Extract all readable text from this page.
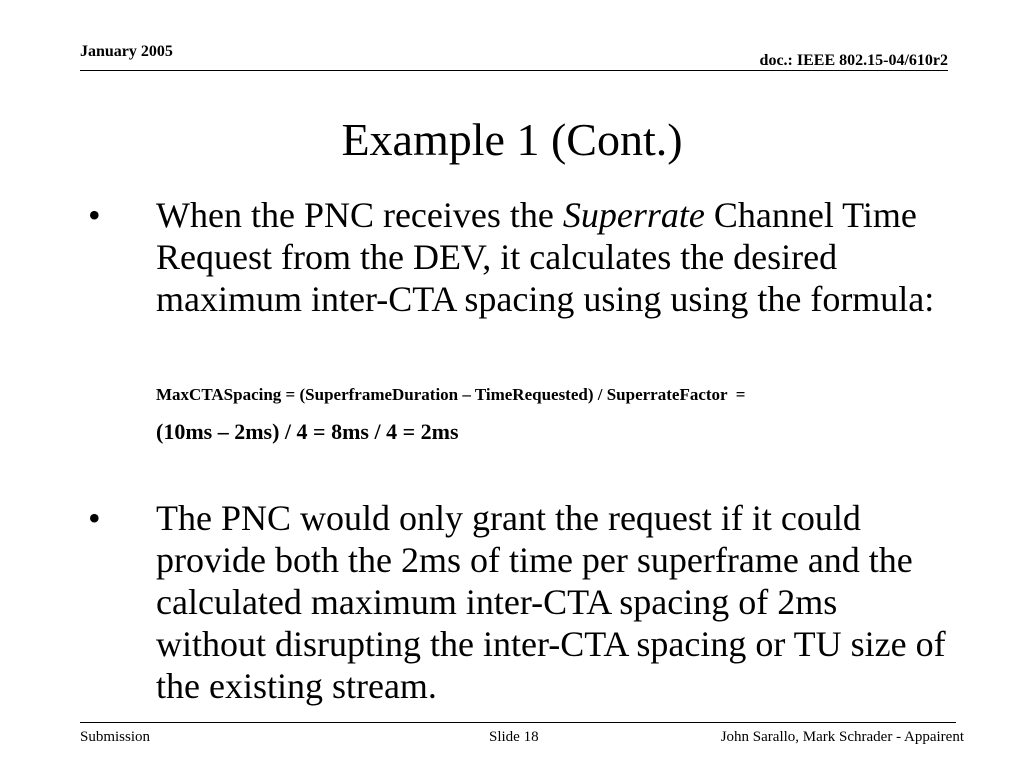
January 2005
doc.: IEEE 802.15-04/610r2
Example 1 (Cont.)
• When the PNC receives the Superrate Channel Time Request from the DEV, it calculates the desired maximum inter-CTA spacing using using the formula:
MaxCTASpacing = (SuperframeDuration – TimeRequested) / SuperrateFactor  =
(10ms – 2ms) / 4 = 8ms / 4 = 2ms
• The PNC would only grant the request if it could provide both the 2ms of time per superframe and the calculated maximum inter-CTA spacing of 2ms without disrupting the inter-CTA spacing or TU size of the existing stream.
Submission	Slide 18	John Sarallo, Mark Schrader - Appairent
